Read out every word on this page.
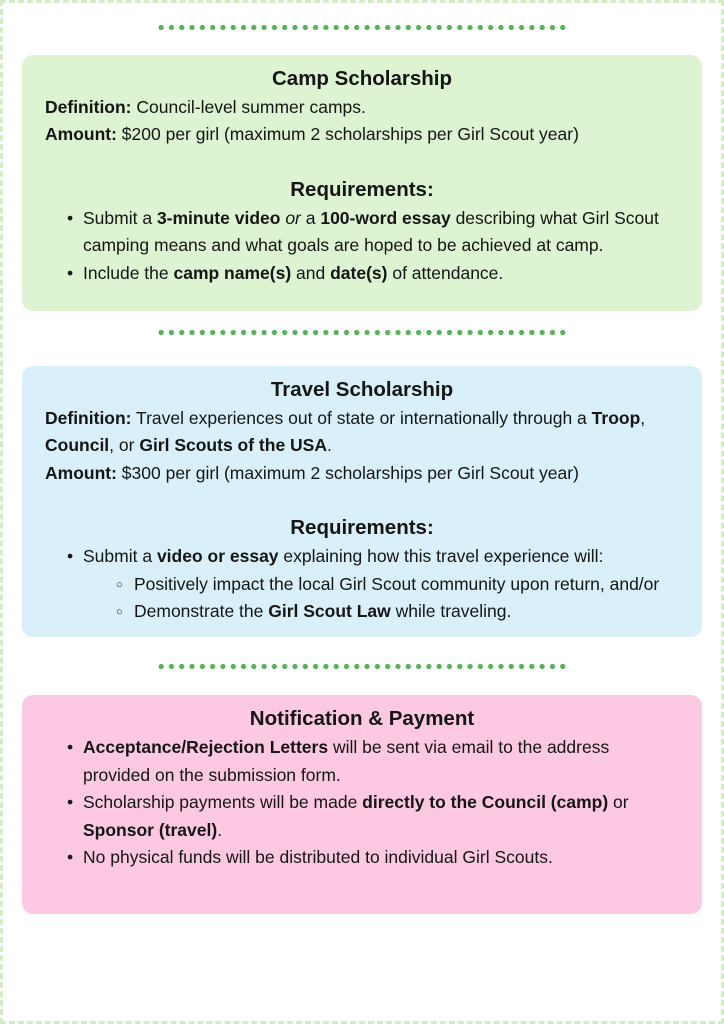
Camp Scholarship

Definition: Council-level summer camps.

Amount: $200 per girl (maximum 2 scholarships per Girl Scout year)

Requirements:
• Submit a 3-minute video or a 100-word essay describing what Girl Scout camping means and what goals are hoped to be achieved at camp.
• Include the camp name(s) and date(s) of attendance.
Travel Scholarship

Definition: Travel experiences out of state or internationally through a Troop, Council, or Girl Scouts of the USA.

Amount: $300 per girl (maximum 2 scholarships per Girl Scout year)

Requirements:
• Submit a video or essay explaining how this travel experience will:
○ Positively impact the local Girl Scout community upon return, and/or
○ Demonstrate the Girl Scout Law while traveling.
Notification & Payment
• Acceptance/Rejection Letters will be sent via email to the address provided on the submission form.
• Scholarship payments will be made directly to the Council (camp) or Sponsor (travel).
• No physical funds will be distributed to individual Girl Scouts.
